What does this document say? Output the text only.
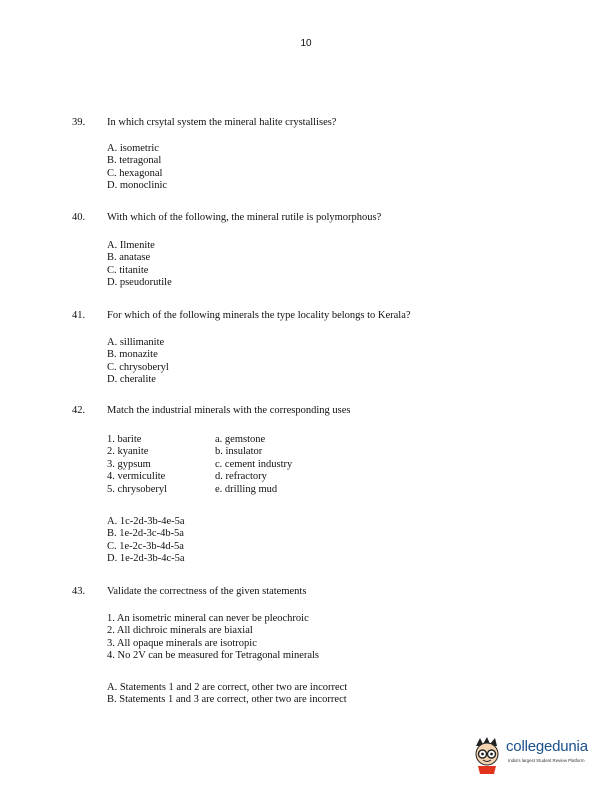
10
39. In which crsytal system the mineral halite crystallises?
A. isometric
B. tetragonal
C. hexagonal
D. monoclinic
40. With which of the following, the mineral rutile is polymorphous?
A. Ilmenite
B. anatase
C. titanite
D. pseudorutile
41. For which of the following minerals the type locality belongs to Kerala?
A. sillimanite
B. monazite
C. chrysoberyl
D. cheralite
42. Match the industrial minerals with the corresponding uses
1. barite
2. kyanite
3. gypsum
4. vermiculite
5. chrysoberyl
a. gemstone
b. insulator
c. cement industry
d. refractory
e. drilling mud
A. 1c-2d-3b-4e-5a
B. 1e-2d-3c-4b-5a
C. 1e-2c-3b-4d-5a
D. 1e-2d-3b-4c-5a
43. Validate the correctness of the given statements
1. An isometric mineral can never be pleochroic
2. All dichroic minerals are biaxial
3. All opaque minerals are isotropic
4. No 2V can be measured for Tetragonal minerals
A. Statements 1 and 2 are correct, other two are incorrect
B. Statements 1 and 3 are correct, other two are incorrect
collegedunia
India's largest Student Review Platform
